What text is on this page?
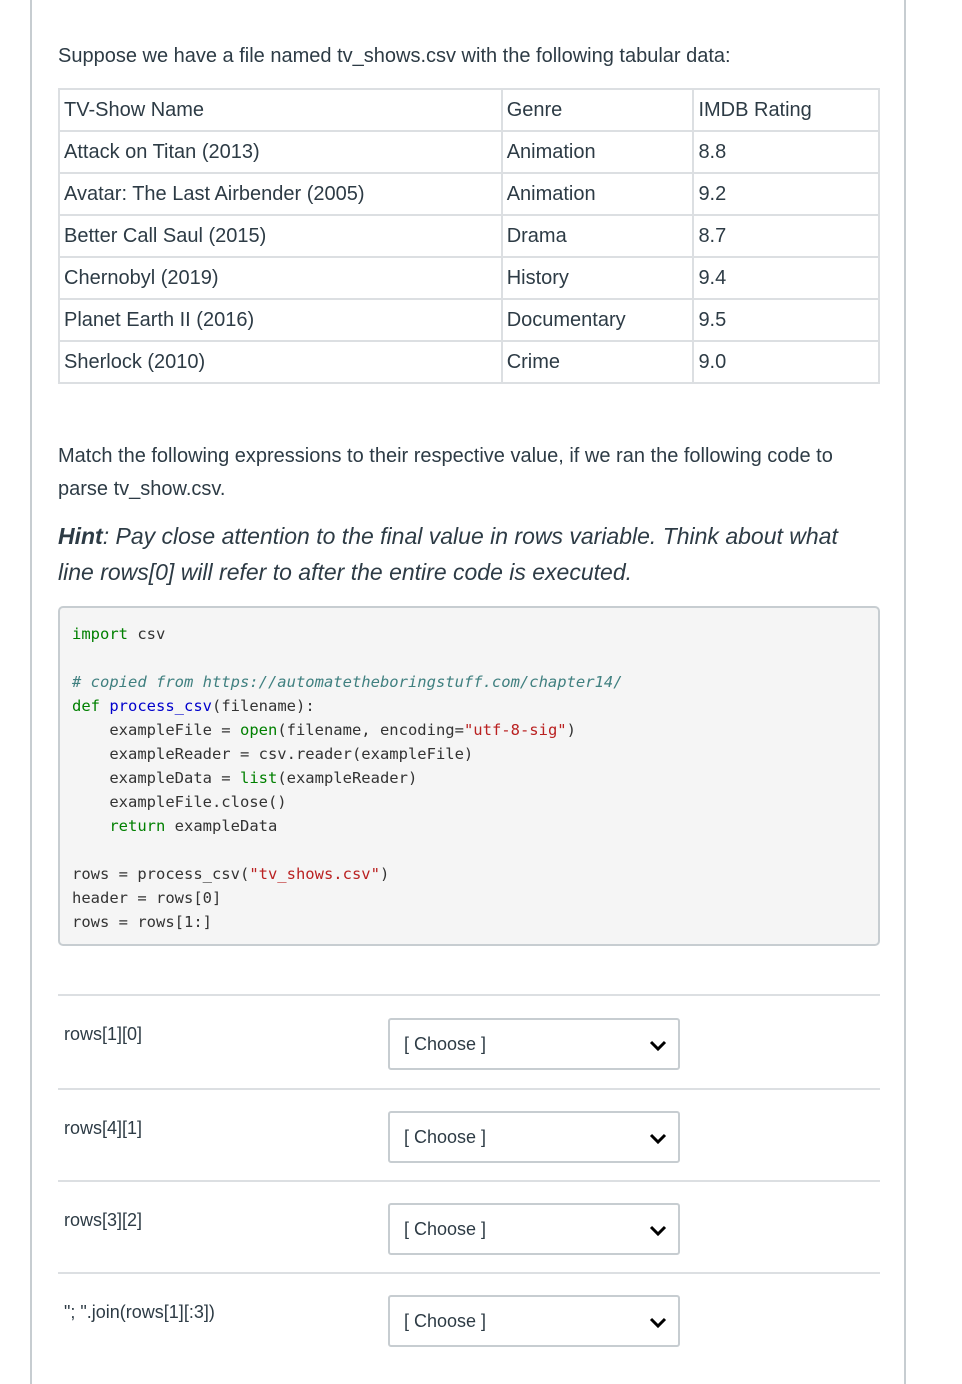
Suppose we have a file named tv_shows.csv with the following tabular data:

TV-Show Name	Genre	IMDB Rating
Attack on Titan (2013)	Animation	8.8
Avatar: The Last Airbender (2005)	Animation	9.2
Better Call Saul (2015)	Drama	8.7
Chernobyl (2019)	History	9.4
Planet Earth II (2016)	Documentary	9.5
Sherlock (2010)	Crime	9.0

Match the following expressions to their respective value, if we ran the following code to parse tv_show.csv.

Hint: Pay close attention to the final value in rows variable. Think about what line rows[0] will refer to after the entire code is executed.

import csv
# copied from https://automatetheboringstuff.com/chapter14/
def process_csv(filename):
exampleFile = open(filename, encoding="utf-8-sig")
exampleReader = csv.reader(exampleFile)
exampleData = list(exampleReader)
exampleFile.close()
return exampleData
rows = process_csv("tv_shows.csv")
header = rows[0]
rows = rows[1:]
rows[1][0]	[ Choose ]
rows[4][1]	[ Choose ]
rows[3][2]	[ Choose ]
"; ".join(rows[1][:3])	[ Choose ]
